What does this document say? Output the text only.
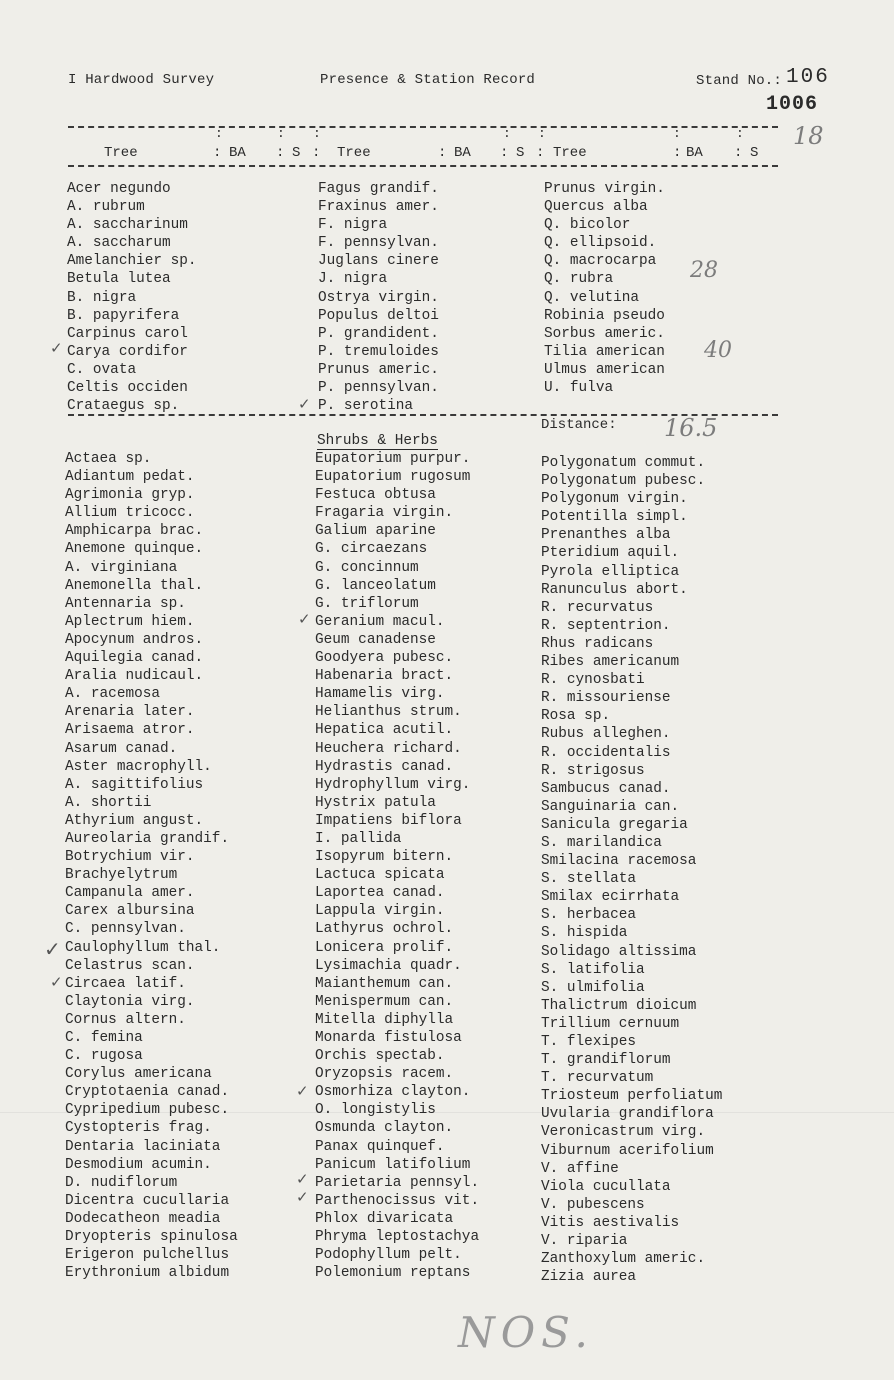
I Hardwood Survey	Presence & Station Record	Stand No.: 106
1006
18
:	: :	: :	:	:
Tree	: BA : S : Tree	: BA : S : Tree	: BA : S
Acer negundo
A. rubrum
A. saccharinum
A. saccharum
Amelanchier sp.
Betula lutea
B. nigra
B. papyrifera
Carpinus carol
Carya cordifor
C. ovata
Celtis occiden
Crataegus sp.
Fagus grandif.
Fraxinus amer.
F. nigra
F. pennsylvan.
Juglans cinere
J. nigra
Ostrya virgin.
Populus deltoi
P. grandident.
P. tremuloides
Prunus americ.
P. pennsylvan.
P. serotina
Prunus virgin.
Quercus alba
Q. bicolor
Q. ellipsoid.
Q. macrocarpa
Q. rubra
Q. velutina
Robinia pseudo
Sorbus americ.
Tilia american
Ulmus american
U. fulva
28
40
✓
✓
Distance: 16.5
Shrubs & Herbs
Actaea sp.
Adiantum pedat.
Agrimonia gryp.
Allium tricocc.
Amphicarpa brac.
Anemone quinque.
A. virginiana
Anemonella thal.
Antennaria sp.
Aplectrum hiem.
Apocynum andros.
Aquilegia canad.
Aralia nudicaul.
A. racemosa
Arenaria later.
Arisaema atror.
Asarum canad.
Aster macrophyll.
A. sagittifolius
A. shortii
Athyrium angust.
Aureolaria grandif.
Botrychium vir.
Brachyelytrum
Campanula amer.
Carex albursina
C. pennsylvan.
Caulophyllum thal.
Celastrus scan.
Circaea latif.
Claytonia virg.
Cornus altern.
C. femina
C. rugosa
Corylus americana
Cryptotaenia canad.
Cypripedium pubesc.
Cystopteris frag.
Dentaria laciniata
Desmodium acumin.
D. nudiflorum
Dicentra cucullaria
Dodecatheon meadia
Dryopteris spinulosa
Erigeron pulchellus
Erythronium albidum
Eupatorium purpur.
Eupatorium rugosum
Festuca obtusa
Fragaria virgin.
Galium aparine
G. circaezans
G. concinnum
G. lanceolatum
G. triflorum
Geranium macul.
Geum canadense
Goodyera pubesc.
Habenaria bract.
Hamamelis virg.
Helianthus strum.
Hepatica acutil.
Heuchera richard.
Hydrastis canad.
Hydrophyllum virg.
Hystrix patula
Impatiens biflora
I. pallida
Isopyrum bitern.
Lactuca spicata
Laportea canad.
Lappula virgin.
Lathyrus ochrol.
Lonicera prolif.
Lysimachia quadr.
Maianthemum can.
Menispermum can.
Mitella diphylla
Monarda fistulosa
Orchis spectab.
Oryzopsis racem.
Osmorhiza clayton.
O. longistylis
Osmunda clayton.
Panax quinquef.
Panicum latifolium
Parietaria pennsyl.
Parthenocissus vit.
Phlox divaricata
Phryma leptostachya
Podophyllum pelt.
Polemonium reptans
Polygonatum commut.
Polygonatum pubesc.
Polygonum virgin.
Potentilla simpl.
Prenanthes alba
Pteridium aquil.
Pyrola elliptica
Ranunculus abort.
R. recurvatus
R. septentrion.
Rhus radicans
Ribes americanum
R. cynosbati
R. missouriense
Rosa sp.
Rubus alleghen.
R. occidentalis
R. strigosus
Sambucus canad.
Sanguinaria can.
Sanicula gregaria
S. marilandica
Smilacina racemosa
S. stellata
Smilax ecirrhata
S. herbacea
S. hispida
Solidago altissima
S. latifolia
S. ulmifolia
Thalictrum dioicum
Trillium cernuum
T. flexipes
T. grandiflorum
T. recurvatum
Triosteum perfoliatum
Uvularia grandiflora
Veronicastrum virg.
Viburnum acerifolium
V. affine
Viola cucullata
V. pubescens
Vitis aestivalis
V. riparia
Zanthoxylum americ.
Zizia aurea
✓
✓
✓
✓
✓
✓
NOS.
